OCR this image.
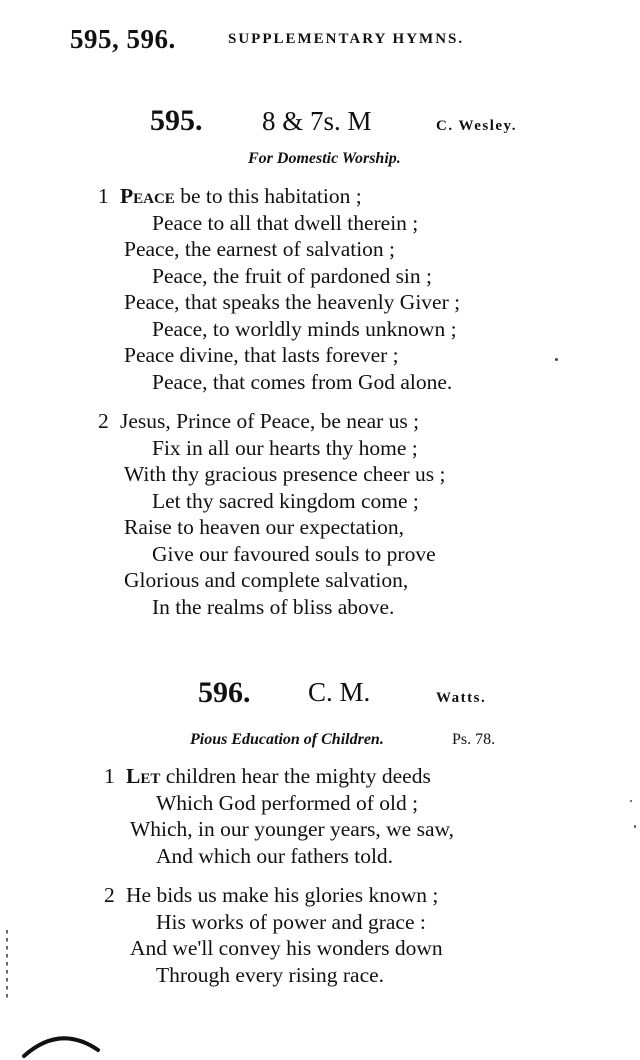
595, 596.	SUPPLEMENTARY HYMNS.
595. 8 & 7s. M	C. Wesley.
For Domestic Worship.
1 Peace be to this habitation ;
Peace to all that dwell therein ;
Peace, the earnest of salvation ;
Peace, the fruit of pardoned sin ;
Peace, that speaks the heavenly Giver ;
Peace, to worldly minds unknown ;
Peace divine, that lasts forever ;
Peace, that comes from God alone.
2 Jesus, Prince of Peace, be near us ;
Fix in all our hearts thy home ;
With thy gracious presence cheer us ;
Let thy sacred kingdom come ;
Raise to heaven our expectation,
Give our favoured souls to prove
Glorious and complete salvation,
In the realms of bliss above.
596. C. M.	Watts.
Pious Education of Children.	Ps. 78.
1 Let children hear the mighty deeds
Which God performed of old ;
Which, in our younger years, we saw,
And which our fathers told.
2 He bids us make his glories known ;
His works of power and grace :
And we'll convey his wonders down
Through every rising race.
